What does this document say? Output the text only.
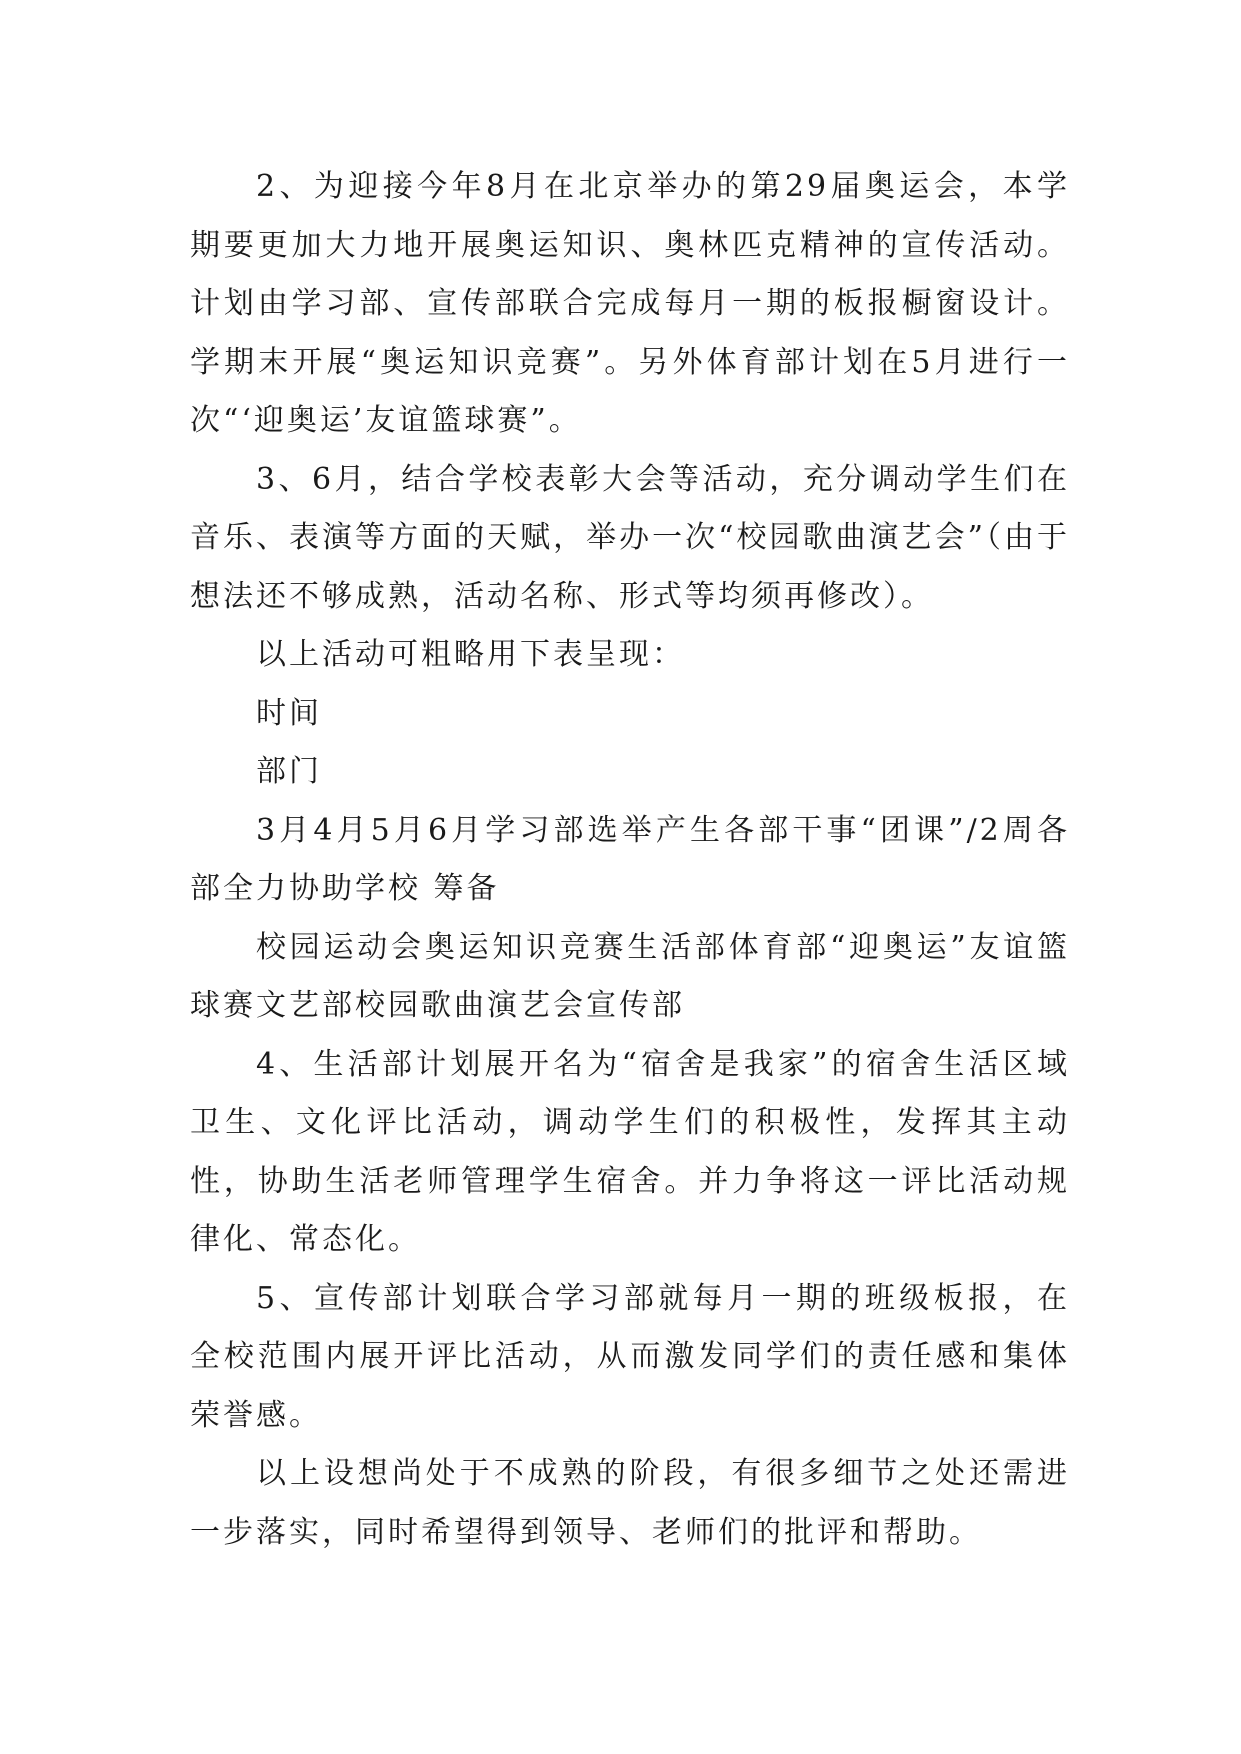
2、为迎接今年8月在北京举办的第29届奥运会，本学期要更加大力地开展奥运知识、奥林匹克精神的宣传活动。计划由学习部、宣传部联合完成每月一期的板报橱窗设计。学期末开展“奥运知识竞赛”。另外体育部计划在5月进行一次“‘迎奥运’友谊篮球赛”。

3、6月，结合学校表彰大会等活动，充分调动学生们在音乐、表演等方面的天赋，举办一次“校园歌曲演艺会”（由于想法还不够成熟，活动名称、形式等均须再修改）。

以上活动可粗略用下表呈现：

时间

部门

3月4月5月6月学习部选举产生各部干事“团课”/2周各部全力协助学校 筹备

校园运动会奥运知识竞赛生活部体育部“迎奥运”友谊篮球赛文艺部校园歌曲演艺会宣传部

4、生活部计划展开名为“宿舍是我家”的宿舍生活区域卫生、文化评比活动，调动学生们的积极性，发挥其主动性，协助生活老师管理学生宿舍。并力争将这一评比活动规律化、常态化。

5、宣传部计划联合学习部就每月一期的班级板报，在全校范围内展开评比活动，从而激发同学们的责任感和集体荣誉感。

以上设想尚处于不成熟的阶段，有很多细节之处还需进一步落实，同时希望得到领导、老师们的批评和帮助。
